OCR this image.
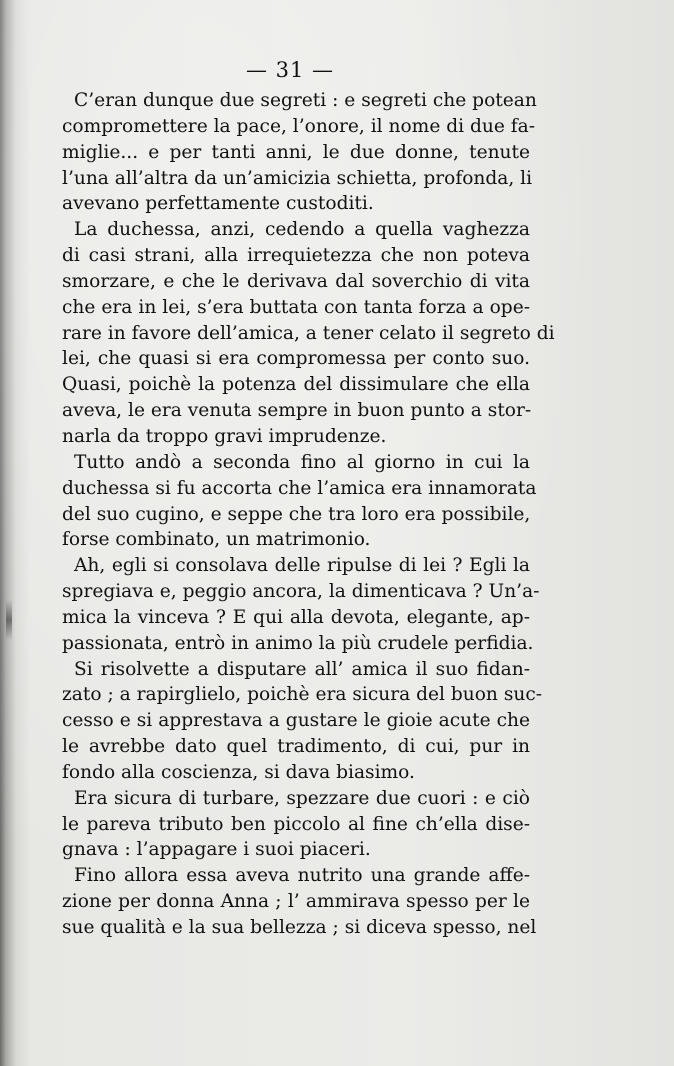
— 31 —
C’eran dunque due segreti : e segreti che potean
compromettere la pace, l’onore, il nome di due fa-
miglie... e per tanti anni, le due donne, tenute
l’una all’altra da un’amicizia schietta, profonda, li
avevano perfettamente custoditi.
La duchessa, anzi, cedendo a quella vaghezza
di casi strani, alla irrequietezza che non poteva
smorzare, e che le derivava dal soverchio di vita
che era in lei, s’era buttata con tanta forza a ope-
rare in favore dell’amica, a tener celato il segreto di
lei, che quasi si era compromessa per conto suo.
Quasi, poichè la potenza del dissimulare che ella
aveva, le era venuta sempre in buon punto a stor-
narla da troppo gravi imprudenze.
Tutto andò a seconda fino al giorno in cui la
duchessa si fu accorta che l’amica era innamorata
del suo cugino, e seppe che tra loro era possibile,
forse combinato, un matrimonio.
Ah, egli si consolava delle ripulse di lei ? Egli la
spregiava e, peggio ancora, la dimenticava ? Un’a-
mica la vinceva ? E qui alla devota, elegante, ap-
passionata, entrò in animo la più crudele perfidia.
Si risolvette a disputare all’ amica il suo fidan-
zato ; a rapirglielo, poichè era sicura del buon suc-
cesso e si apprestava a gustare le gioie acute che
le avrebbe dato quel tradimento, di cui, pur in
fondo alla coscienza, si dava biasimo.
Era sicura di turbare, spezzare due cuori : e ciò
le pareva tributo ben piccolo al fine ch’ella dise-
gnava : l’appagare i suoi piaceri.
Fino allora essa aveva nutrito una grande affe-
zione per donna Anna ; l’ ammirava spesso per le
sue qualità e la sua bellezza ; si diceva spesso, nel
